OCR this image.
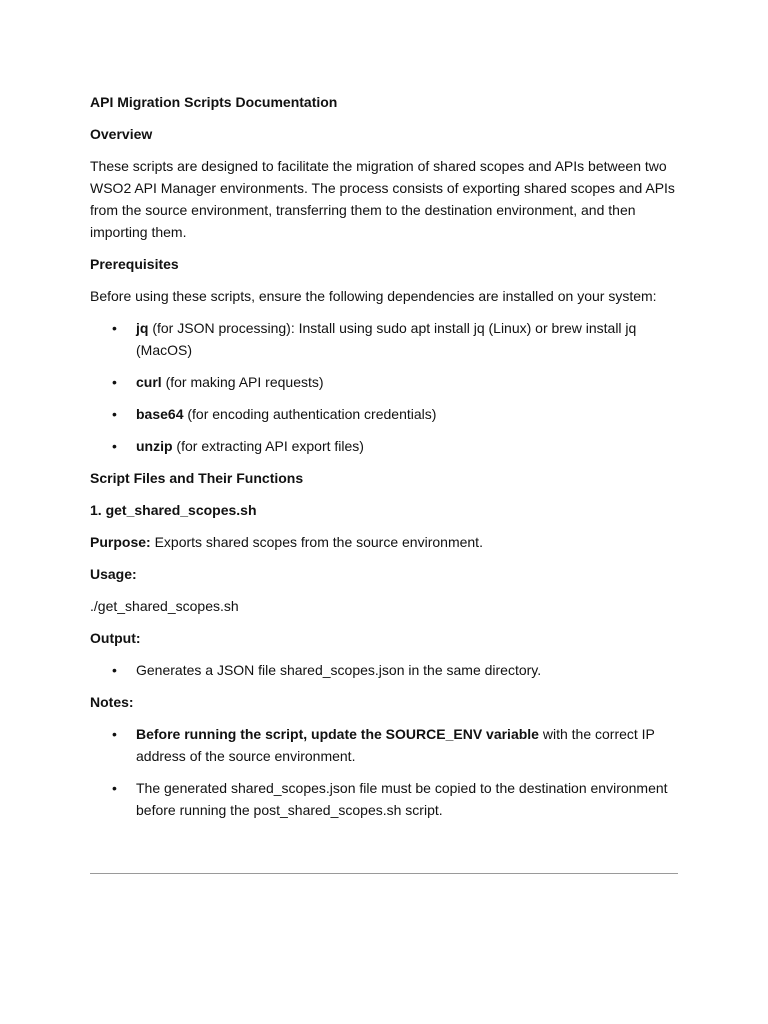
API Migration Scripts Documentation

Overview

These scripts are designed to facilitate the migration of shared scopes and APIs between two WSO2 API Manager environments. The process consists of exporting shared scopes and APIs from the source environment, transferring them to the destination environment, and then importing them.

Prerequisites

Before using these scripts, ensure the following dependencies are installed on your system:

• jq (for JSON processing): Install using sudo apt install jq (Linux) or brew install jq (MacOS)
• curl (for making API requests)
• base64 (for encoding authentication credentials)
• unzip (for extracting API export files)

Script Files and Their Functions

1. get_shared_scopes.sh

Purpose: Exports shared scopes from the source environment.

Usage:

./get_shared_scopes.sh

Output:

• Generates a JSON file shared_scopes.json in the same directory.

Notes:

• Before running the script, update the SOURCE_ENV variable with the correct IP address of the source environment.
• The generated shared_scopes.json file must be copied to the destination environment before running the post_shared_scopes.sh script.
